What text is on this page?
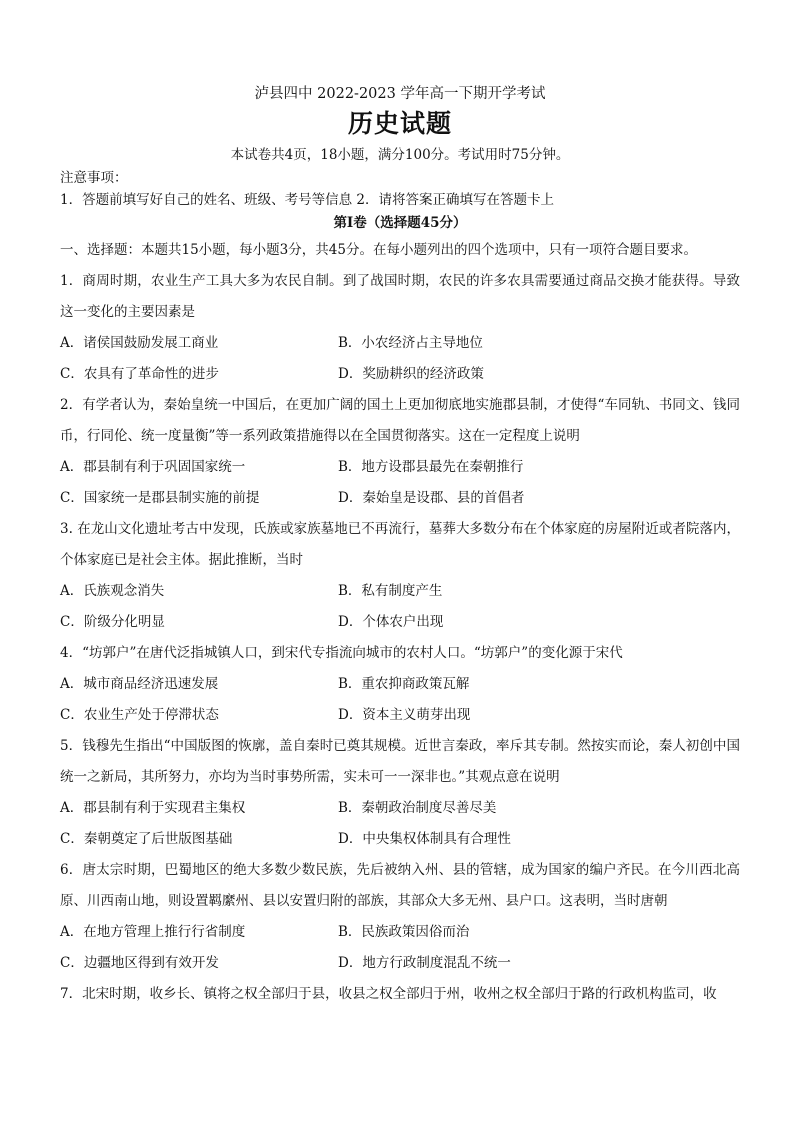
泸县四中 2022-2023 学年高一下期开学考试
历史试题
本试卷共4页，18小题，满分100分。考试用时75分钟。
注意事项：
1．答题前填写好自己的姓名、班级、考号等信息 2．请将答案正确填写在答题卡上
第Ⅰ卷（选择题45分）
一、选择题：本题共15小题，每小题3分，共45分。在每小题列出的四个选项中，只有一项符合题目要求。
1．商周时期，农业生产工具大多为农民自制。到了战国时期，农民的许多农具需要通过商品交换才能获得。导致这一变化的主要因素是
A．诸侯国鼓励发展工商业	B．小农经济占主导地位
C．农具有了革命性的进步	D．奖励耕织的经济政策
2．有学者认为，秦始皇统一中国后，在更加广阔的国土上更加彻底地实施郡县制，才使得“车同轨、书同文、钱同币，行同伦、统一度量衡”等一系列政策措施得以在全国贯彻落实。这在一定程度上说明
A．郡县制有利于巩固国家统一	B．地方设郡县最先在秦朝推行
C．国家统一是郡县制实施的前提	D．秦始皇是设郡、县的首倡者
3. 在龙山文化遗址考古中发现，氏族或家族墓地已不再流行，墓葬大多数分布在个体家庭的房屋附近或者院落内，个体家庭已是社会主体。据此推断，当时
A．氏族观念消失	B．私有制度产生
C．阶级分化明显	D．个体农户出现
4．“坊郭户”在唐代泛指城镇人口，到宋代专指流向城市的农村人口。“坊郭户”的变化源于宋代
A．城市商品经济迅速发展	B．重农抑商政策瓦解
C．农业生产处于停滞状态	D．资本主义萌芽出现
5．钱穆先生指出“中国版图的恢廓，盖自秦时已奠其规模。近世言秦政，率斥其专制。然按实而论，秦人初创中国统一之新局，其所努力，亦均为当时事势所需，实未可一一深非也。”其观点意在说明
A．郡县制有利于实现君主集权	B．秦朝政治制度尽善尽美
C．秦朝奠定了后世版图基础	D．中央集权体制具有合理性
6．唐太宗时期，巴蜀地区的绝大多数少数民族，先后被纳入州、县的管辖，成为国家的编户齐民。在今川西北高原、川西南山地，则设置羁縻州、县以安置归附的部族，其部众大多无州、县户口。这表明，当时唐朝
A．在地方管理上推行行省制度	B．民族政策因俗而治
C．边疆地区得到有效开发	D．地方行政制度混乱不统一
7．北宋时期，收乡长、镇将之权全部归于县，收县之权全部归于州，收州之权全部归于路的行政机构监司，收
